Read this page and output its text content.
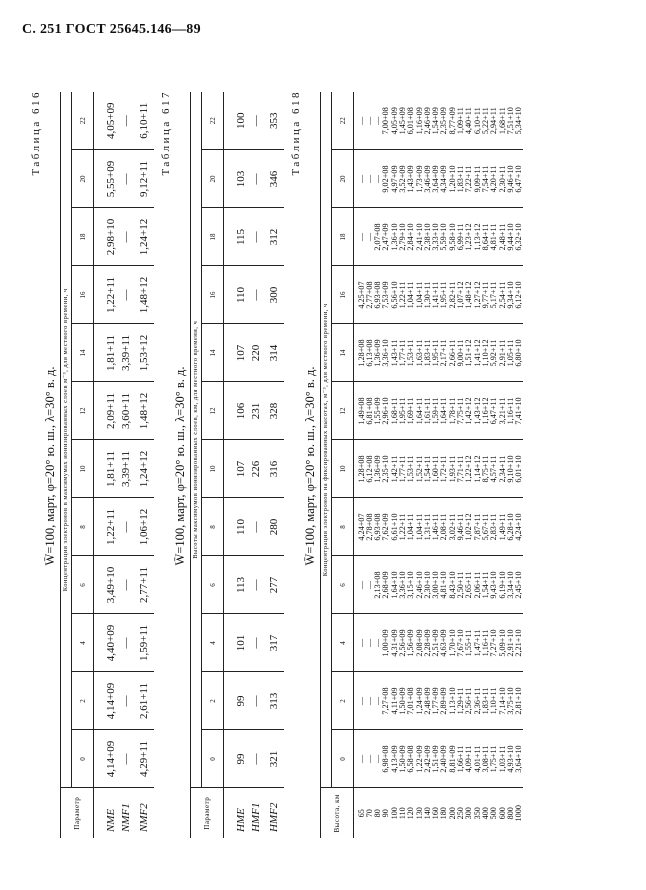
С. 251 ГОСТ 25645.146—89
Таблица 616
W̄=100, март, φ=20° ю. ш., λ=30° в. д.
Параметр	Концентрация электронов в максимумах ионизированных слоев м⁻³, для местного времени, ч											
	0	2	4	6	8	10	12	14	16	18	20	22
NME	4,14+09	4,14+09	4,40+09	3,49+10	1,22+11	1,81+11	2,09+11	1,81+11	1,22+11	2,98+10	5,55+09	4,05+09
NMF1	—	—	—	—	—	3,39+11	3,60+11	3,39+11	—	—	—	—
NMF2	4,29+11	2,61+11	1,59+11	2,77+11	1,06+12	1,24+12	1,48+12	1,53+12	1,48+12	1,24+12	9,12+11	6,10+11 Таблица 617
W̄=100, март, φ=20° ю. ш., λ=30° в. д.
Параметр	Высоты максимумов ионизированных слоев, км, для местного времени, ч											
	0	2	4	6	8	10	12	14	16	18	20	22
HME	99	99	101	113	110	107	106	107	110	115	103	100
HMF1	—	—	—	—	—	226	231	220	—	—	—	—
HMF2	321	313	317	277	280	316	328	314	300	312	346	353 Таблица 618
W̄=100, март, φ=20° ю. ш., λ=30° в. д.
Высота, км	Концентрация электронов на фиксированных высотах, м⁻³, для местного времени, ч											
	0	2	4	6	8	10	12	14	16	18	20	22
65	—	—	—	—	4,24+07	1,28+08	1,49+08	1,28+08	4,25+07	—	—	—
70	—	—	—	—	2,78+08	6,12+08	6,81+08	6,13+08	2,77+08	—	—	—
80	—	—	—	2,13+08	6,93+08	1,36+09	1,55+09	1,36+09	6,93+08	2,07+08	—	—
90	6,98+08	7,27+08	1,00+09	2,68+09	7,62+09	2,35+10	2,96+10	3,36+10	7,53+09	2,47+09	9,02+08	7,00+08
100	4,13+09	4,11+09	4,31+09	1,64+10	6,61+10	1,42+11	1,68+11	1,43+11	6,56+10	1,36+10	4,97+09	4,05+09
110	1,50+09	1,50+09	2,56+09	3,36+10	1,22+11	1,77+11	1,95+11	1,77+11	1,22+11	2,79+10	3,52+09	1,45+09
120	6,58+08	7,01+08	1,56+09	3,15+10	1,04+11	1,53+11	1,69+11	1,53+11	1,04+11	2,84+10	1,43+09	6,01+08
130	1,22+09	1,24+09	2,08+09	2,46+10	1,04+11	1,52+11	1,64+11	1,63+11	1,04+11	2,41+10	1,73+09	1,16+09
140	2,42+09	2,48+09	2,28+09	2,30+10	1,31+11	1,54+11	1,61+11	1,83+11	1,30+11	2,38+10	3,46+09	2,46+09
160	1,51+09	1,77+09	2,51+09	3,00+10	1,46+11	1,60+11	1,59+11	1,95+11	1,41+11	3,33+10	3,64+09	1,54+09
180	2,40+09	2,89+09	4,63+09	4,81+10	2,08+11	1,72+11	1,64+11	2,17+11	1,95+11	5,59+10	4,34+09	2,35+09
200	8,81+09	1,13+10	1,70+10	8,43+10	3,02+11	1,93+11	1,78+11	2,66+11	2,82+11	9,58+10	1,20+10	8,77+09
250	1,66+11	1,29+11	7,67+10	2,50+11	9,46+11	7,71+11	7,75+11	9,00+11	1,07+12	6,99+11	1,83+11	1,09+11
300	4,09+11	2,56+11	1,55+11	2,65+11	1,02+12	1,22+12	1,42+12	1,51+12	1,48+12	1,23+12	7,22+11	4,40+11
350	4,01+11	2,36+11	1,47+11	2,06+11	7,87+11	1,14+12	1,43+12	1,41+12	1,27+12	1,13+12	9,09+11	6,10+11
400	3,08+11	1,83+11	1,16+11	1,54+11	5,67+11	8,75+11	1,16+12	1,10+12	9,77+11	8,64+11	7,54+11	5,22+11
500	1,75+11	1,10+11	7,27+10	9,43+10	2,83+11	4,57+11	6,47+11	5,92+11	5,17+11	4,81+11	4,20+11	2,94+11
600	1,03+11	7,14+10	5,09+10	6,19+10	1,49+11	2,34+11	3,21+11	2,91+11	2,54+11	2,48+11	2,30+11	1,68+11
800	4,93+10	3,75+10	2,91+10	3,34+10	6,28+10	9,10+10	1,16+11	1,05+11	9,34+10	9,44+10	9,46+10	7,51+10
1000	3,64+10	2,81+10	2,21+10	2,45+10	4,24+10	6,01+10	7,41+10	6,80+10	6,12+10	6,32+10	6,47+10	5,34+10
